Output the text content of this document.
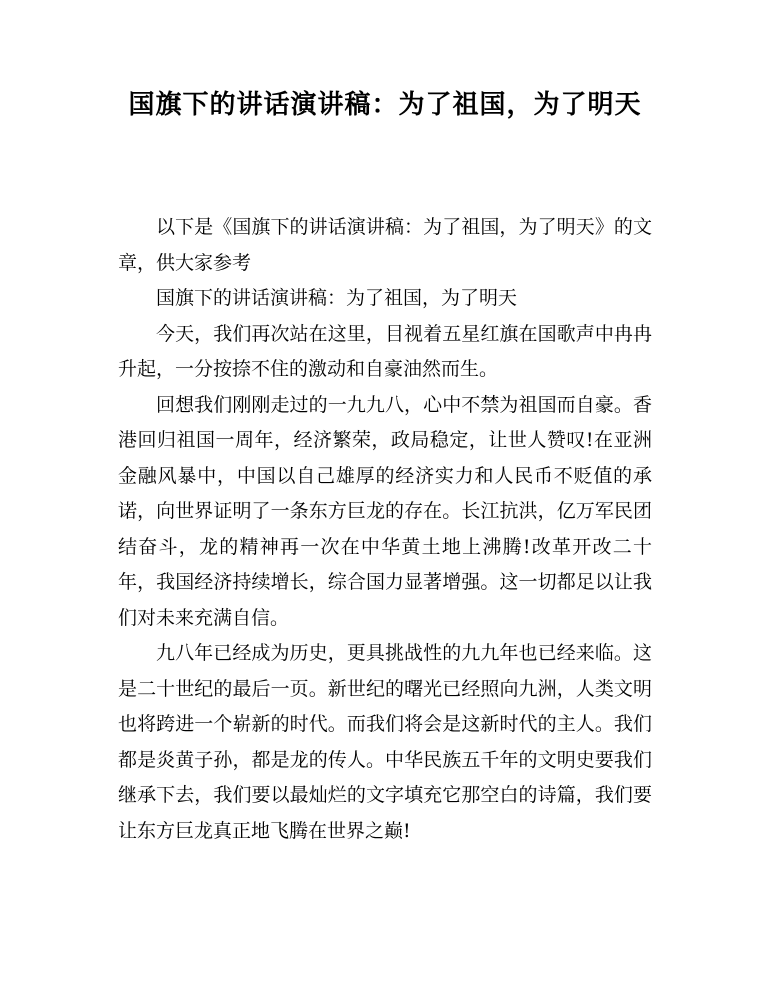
国旗下的讲话演讲稿：为了祖国，为了明天

以下是《国旗下的讲话演讲稿：为了祖国，为了明天》的文章，供大家参考

国旗下的讲话演讲稿：为了祖国，为了明天

今天，我们再次站在这里，目视着五星红旗在国歌声中冉冉升起，一分按捺不住的激动和自豪油然而生。

回想我们刚刚走过的一九九八，心中不禁为祖国而自豪。香港回归祖国一周年，经济繁荣，政局稳定，让世人赞叹!在亚洲金融风暴中，中国以自己雄厚的经济实力和人民币不贬值的承诺，向世界证明了一条东方巨龙的存在。长江抗洪，亿万军民团结奋斗，龙的精神再一次在中华黄土地上沸腾!改革开改二十年，我国经济持续增长，综合国力显著增强。这一切都足以让我们对未来充满自信。

九八年已经成为历史，更具挑战性的九九年也已经来临。这是二十世纪的最后一页。新世纪的曙光已经照向九洲，人类文明也将跨进一个崭新的时代。而我们将会是这新时代的主人。我们都是炎黄子孙，都是龙的传人。中华民族五千年的文明史要我们继承下去，我们要以最灿烂的文字填充它那空白的诗篇，我们要让东方巨龙真正地飞腾在世界之巅!
